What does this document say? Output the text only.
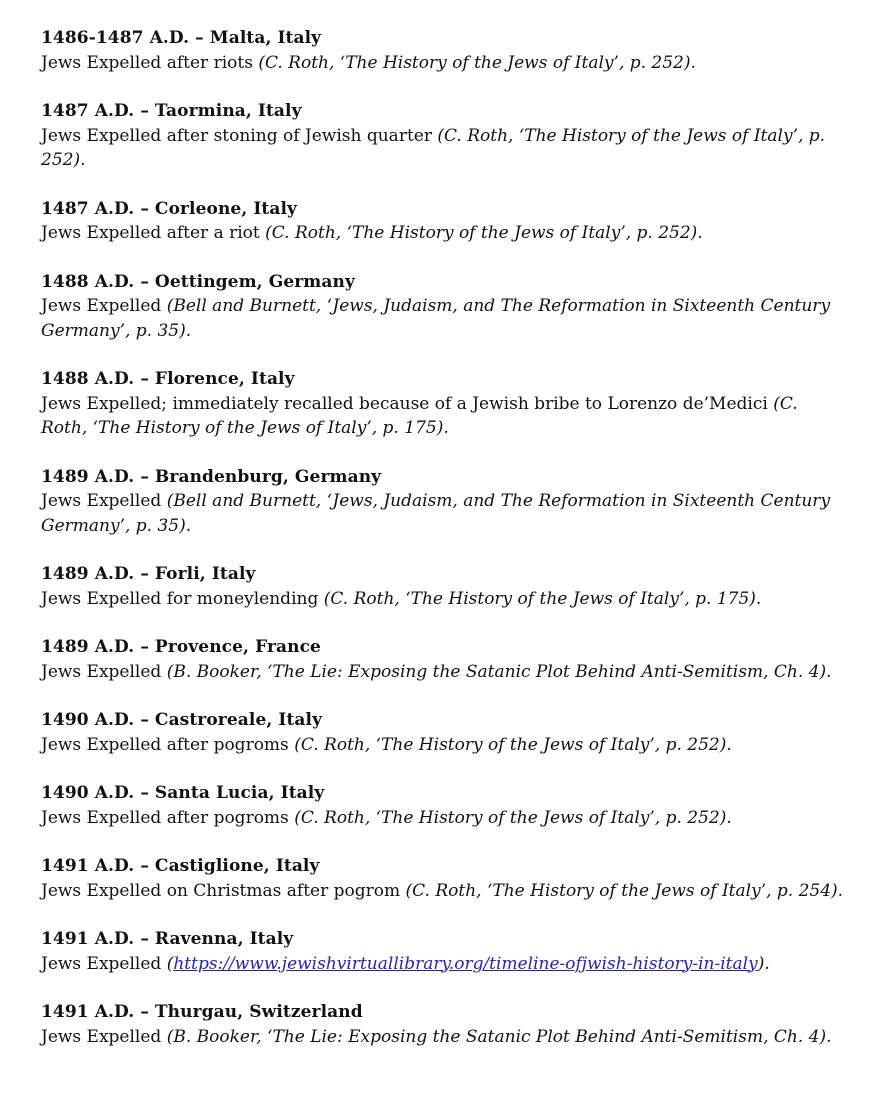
1486-1487 A.D. – Malta, Italy

Jews Expelled after riots (C. Roth, ‘The History of the Jews of Italy’, p. 252).

1487 A.D. – Taormina, Italy

Jews Expelled after stoning of Jewish quarter (C. Roth, ‘The History of the Jews of Italy’, p. 252).

1487 A.D. – Corleone, Italy

Jews Expelled after a riot (C. Roth, ‘The History of the Jews of Italy’, p. 252).

1488 A.D. – Oettingem, Germany

Jews Expelled (Bell and Burnett, ‘Jews, Judaism, and The Reformation in Sixteenth Century Germany’, p. 35).

1488 A.D. – Florence, Italy

Jews Expelled; immediately recalled because of a Jewish bribe to Lorenzo de’Medici (C. Roth, ‘The History of the Jews of Italy’, p. 175).

1489 A.D. – Brandenburg, Germany

Jews Expelled (Bell and Burnett, ‘Jews, Judaism, and The Reformation in Sixteenth Century Germany’, p. 35).

1489 A.D. – Forli, Italy

Jews Expelled for moneylending (C. Roth, ‘The History of the Jews of Italy’, p. 175).

1489 A.D. – Provence, France

Jews Expelled (B. Booker, ‘The Lie: Exposing the Satanic Plot Behind Anti-Semitism, Ch. 4).

1490 A.D. – Castroreale, Italy

Jews Expelled after pogroms (C. Roth, ‘The History of the Jews of Italy’, p. 252).

1490 A.D. – Santa Lucia, Italy

Jews Expelled after pogroms (C. Roth, ‘The History of the Jews of Italy’, p. 252).

1491 A.D. – Castiglione, Italy

Jews Expelled on Christmas after pogrom (C. Roth, ‘The History of the Jews of Italy’, p. 254).

1491 A.D. – Ravenna, Italy

Jews Expelled (https://www.jewishvirtuallibrary.org/timeline-ofjwish-history-in-italy).

1491 A.D. – Thurgau, Switzerland

Jews Expelled (B. Booker, ‘The Lie: Exposing the Satanic Plot Behind Anti-Semitism, Ch. 4).
